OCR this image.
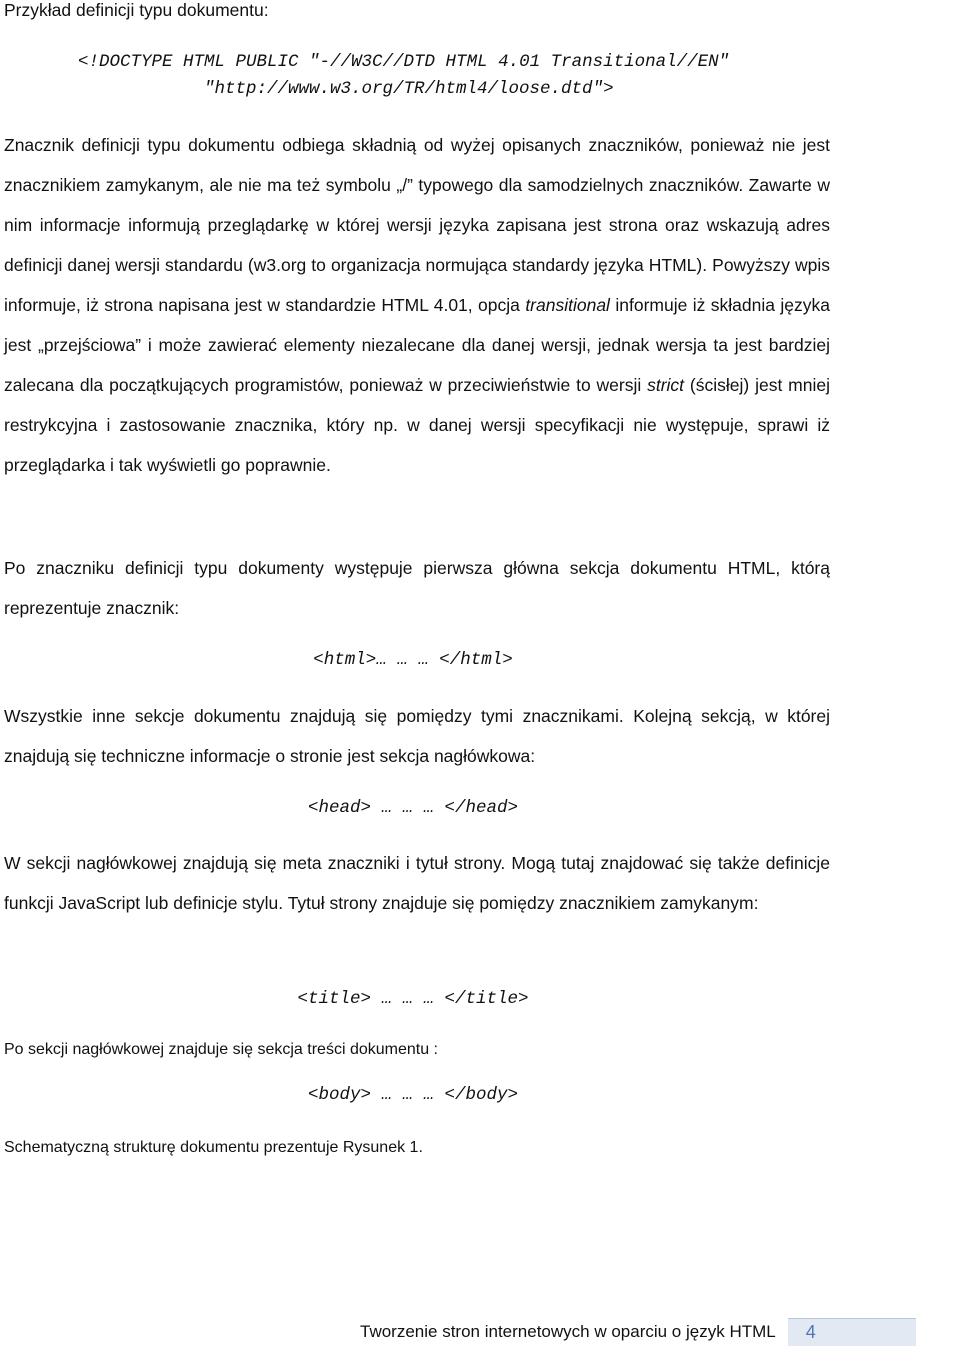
Przykład definicji typu dokumentu:
<!DOCTYPE HTML PUBLIC "-//W3C//DTD HTML 4.01 Transitional//EN"
"http://www.w3.org/TR/html4/loose.dtd">
Znacznik definicji typu dokumentu odbiega składnią od wyżej opisanych znaczników, ponieważ nie jest znacznikiem zamykanym, ale nie ma też symbolu „/” typowego dla samodzielnych znaczników. Zawarte w nim informacje informują przeglądarkę w której wersji języka zapisana jest strona oraz wskazują adres definicji danej wersji standardu (w3.org to organizacja normująca standardy języka HTML). Powyższy wpis informuje, iż strona napisana jest w standardzie HTML 4.01, opcja transitional informuje iż składnia języka jest „przejściowa” i może zawierać elementy niezalecane dla danej wersji, jednak wersja ta jest bardziej zalecana dla początkujących programistów, ponieważ w przeciwieństwie to wersji strict (ścisłej) jest mniej restrykcyjna i zastosowanie znacznika, który np. w danej wersji specyfikacji nie występuje, sprawi iż przeglądarka i tak wyświetli go poprawnie.
Po znaczniku definicji typu dokumenty występuje pierwsza główna sekcja dokumentu HTML, którą reprezentuje znacznik:
<html>… … … </html>
Wszystkie inne sekcje dokumentu znajdują się pomiędzy tymi znacznikami. Kolejną sekcją, w której znajdują się techniczne informacje o stronie jest sekcja nagłówkowa:
<head> … … … </head>
W sekcji nagłówkowej znajdują się meta znaczniki i tytuł strony. Mogą tutaj znajdować się także definicje funkcji JavaScript lub definicje stylu. Tytuł strony znajduje się pomiędzy znacznikiem zamykanym:
<title> … … … </title>
Po sekcji nagłówkowej znajduje się sekcja treści dokumentu :
<body> … … … </body>
Schematyczną strukturę dokumentu prezentuje Rysunek 1.
Tworzenie stron internetowych w oparciu o język HTML	4
